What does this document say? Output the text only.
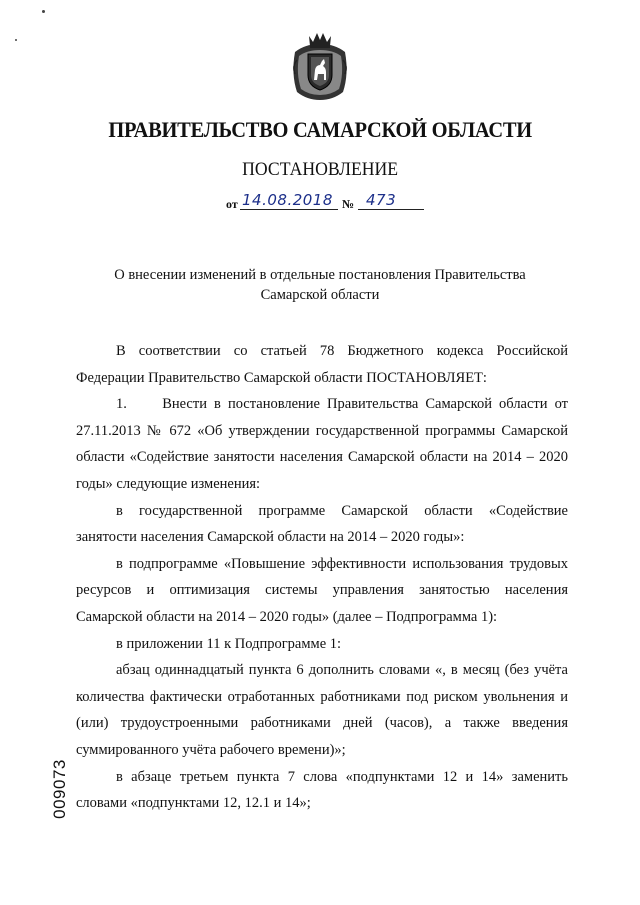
ПРАВИТЕЛЬСТВО САМАРСКОЙ ОБЛАСТИ
ПОСТАНОВЛЕНИЕ
от 14.08.2018 № 473
О внесении изменений в отдельные постановления Правительства
Самарской области

В соответствии со статьей 78 Бюджетного кодекса Российской Федерации Правительство Самарской области ПОСТАНОВЛЯЕТ:

1.     Внести в постановление Правительства Самарской области от 27.11.2013 № 672 «Об утверждении государственной программы Самарской области «Содействие занятости населения Самарской области на 2014 – 2020 годы» следующие изменения:

в государственной программе Самарской области «Содействие занятости населения Самарской области на 2014 – 2020 годы»:

в подпрограмме «Повышение эффективности использования трудовых ресурсов и оптимизация системы управления занятостью населения Самарской области на 2014 – 2020 годы» (далее – Подпрограмма 1):

в приложении 11 к Подпрограмме 1:

абзац одиннадцатый пункта 6 дополнить словами «, в месяц (без учёта количества фактически отработанных работниками под риском увольнения и (или) трудоустроенными работниками дней (часов), а также введения суммированного учёта рабочего времени)»;

в абзаце третьем пункта 7 слова «подпунктами 12 и 14» заменить словами «подпунктами 12, 12.1 и 14»;

009073
